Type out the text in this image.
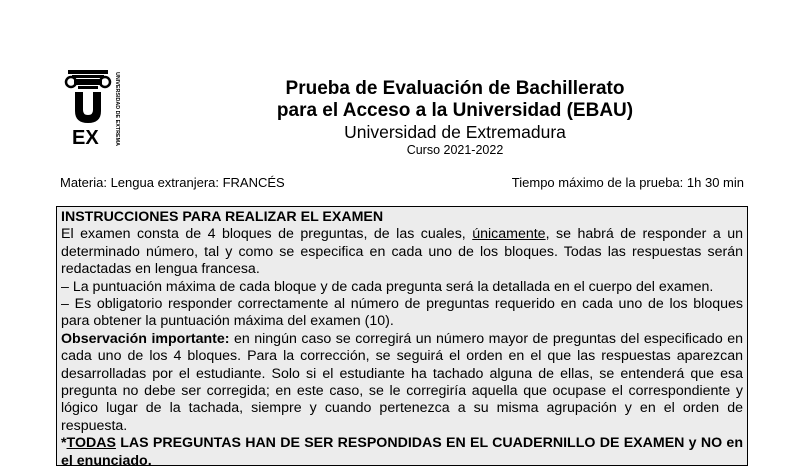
EX	UNIVERSIDAD DE EXTREMADURA	Prueba de Evaluación de Bachillerato
para el Acceso a la Universidad (EBAU)
Universidad de Extremadura
Curso 2021-2022
Materia: Lengua extranjera: FRANCÉS	Tiempo máximo de la prueba: 1h 30 min

INSTRUCCIONES PARA REALIZAR EL EXAMEN

El examen consta de 4 bloques de preguntas, de las cuales, únicamente, se habrá de responder a un determinado número, tal y como se especifica en cada uno de los bloques. Todas las respuestas serán redactadas en lengua francesa.

– La puntuación máxima de cada bloque y de cada pregunta será la detallada en el cuerpo del examen.

– Es obligatorio responder correctamente al número de preguntas requerido en cada uno de los bloques para obtener la puntuación máxima del examen (10).

Observación importante: en ningún caso se corregirá un número mayor de preguntas del especificado en cada uno de los 4 bloques. Para la corrección, se seguirá el orden en el que las respuestas aparezcan desarrolladas por el estudiante. Solo si el estudiante ha tachado alguna de ellas, se entenderá que esa pregunta no debe ser corregida; en este caso, se le corregiría aquella que ocupase el correspondiente y lógico lugar de la tachada, siempre y cuando pertenezca a su misma agrupación y en el orden de respuesta.

*TODAS LAS PREGUNTAS HAN DE SER RESPONDIDAS EN EL CUADERNILLO DE EXAMEN y NO en el enunciado.
